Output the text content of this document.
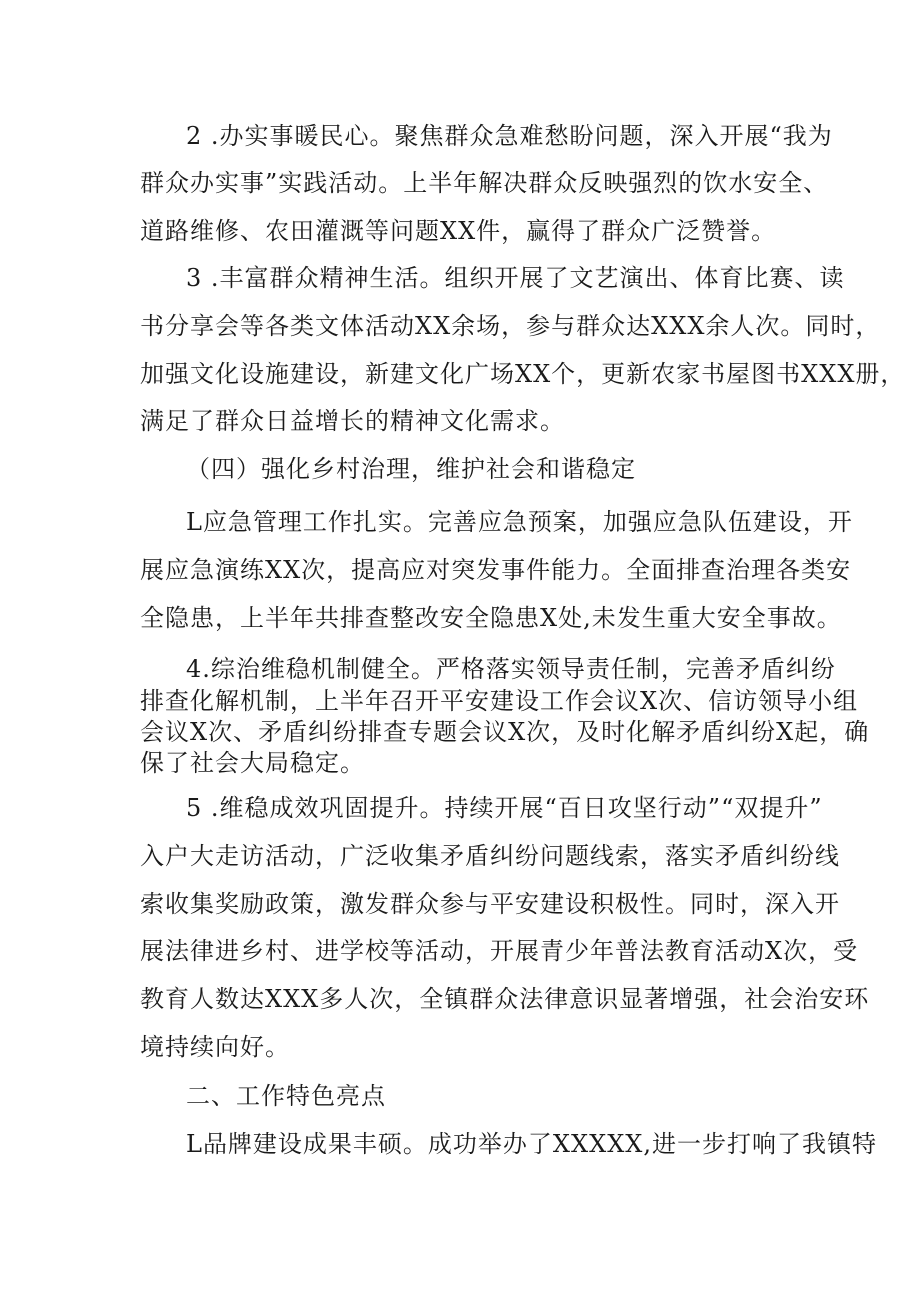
2 .办实事暖民心。聚焦群众急难愁盼问题，深入开展“我为
群众办实事”实践活动。上半年解决群众反映强烈的饮水安全、
道路维修、农田灌溉等问题XX件，赢得了群众广泛赞誉。
3 .丰富群众精神生活。组织开展了文艺演出、体育比赛、读
书分享会等各类文体活动XX余场，参与群众达XXX余人次。同时，
加强文化设施建设，新建文化广场XX个，更新农家书屋图书XXX册，
满足了群众日益增长的精神文化需求。
（四）强化乡村治理，维护社会和谐稳定
L应急管理工作扎实。完善应急预案，加强应急队伍建设，开
展应急演练XX次，提高应对突发事件能力。全面排查治理各类安
全隐患，上半年共排查整改安全隐患X处,未发生重大安全事故。
4.综治维稳机制健全。严格落实领导责任制，完善矛盾纠纷
排查化解机制，上半年召开平安建设工作会议X次、信访领导小组
会议X次、矛盾纠纷排查专题会议X次，及时化解矛盾纠纷X起，确
保了社会大局稳定。
5 .维稳成效巩固提升。持续开展“百日攻坚行动”“双提升”
入户大走访活动，广泛收集矛盾纠纷问题线索，落实矛盾纠纷线
索收集奖励政策，激发群众参与平安建设积极性。同时，深入开
展法律进乡村、进学校等活动，开展青少年普法教育活动X次，受
教育人数达XXX多人次，全镇群众法律意识显著增强，社会治安环
境持续向好。
二、工作特色亮点
L品牌建设成果丰硕。成功举办了XXXXX,进一步打响了我镇特
